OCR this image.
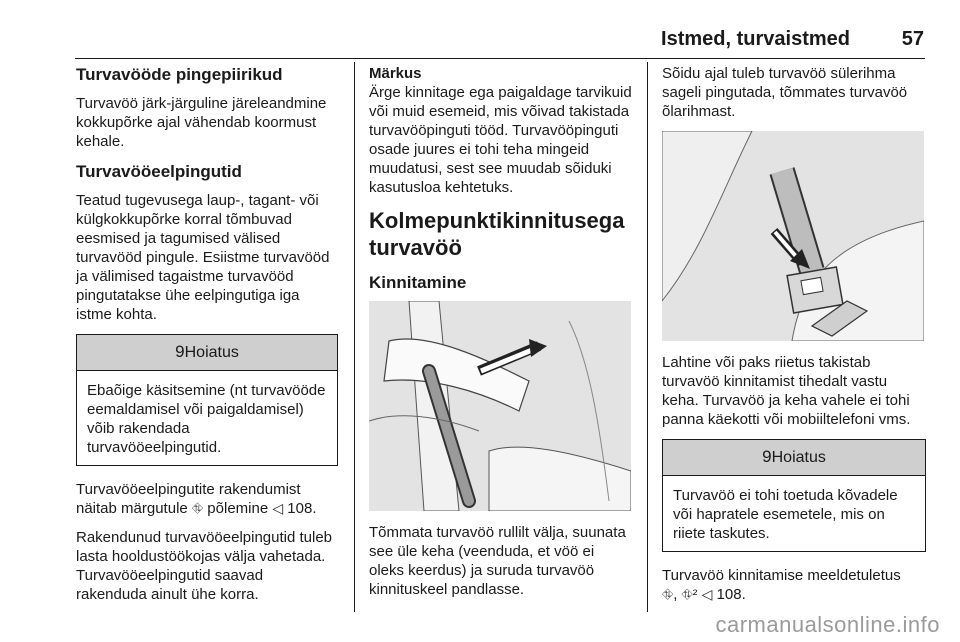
Istmed, turvaistmed	57
Turvavööde pingepiirikud

Turvavöö järk-järguline järeleandmine kokkupõrke ajal vähendab koormust kehale.

Turvavööeelpingutid

Teatud tugevusega laup-, tagant- või külgkokkupõrke korral tõmbuvad eesmised ja tagumised välised turvavööd pingule. Esiistme turvavööd ja välimised tagaistme turvavööd pingutatakse ühe eelpingutiga iga istme kohta.

9Hoiatus
Ebaõige käsitsemine (nt turvavööde eemaldamisel või paigaldamisel) võib rakendada turvavööeelpingutid.

Turvavööeelpingutite rakendumist näitab märgutule ⛗ põlemine ◁ 108.

Rakendunud turvavööeelpingutid tuleb lasta hooldustöökojas välja vahetada. Turvavööeelpingutid saavad rakenduda ainult ühe korra.

Märkus

Ärge kinnitage ega paigaldage tarvikuid või muid esemeid, mis võivad takistada turvavööpinguti tööd. Turvavööpinguti osade juures ei tohi teha mingeid muudatusi, sest see muudab sõiduki kasutusloa kehtetuks.

Kolmepunktikinnitusega turvavöö
Kinnitamine

Tõmmata turvavöö rullilt välja, suunata see üle keha (veenduda, et vöö ei oleks keerdus) ja suruda turvavöö kinnituskeel pandlasse.

Sõidu ajal tuleb turvavöö sülerihma sageli pingutada, tõmmates turvavöö õlarihmast.

Lahtine või paks riietus takistab turvavöö kinnitamist tihedalt vastu keha. Turvavöö ja keha vahele ei tohi panna käekotti või mobiiltelefoni vms.

9Hoiatus
Turvavöö ei tohi toetuda kõvadele või hapratele esemetele, mis on riiete taskutes.

Turvavöö kinnitamise meeldetuletus
⛗, ⛗² ◁ 108.

carmanualsonline.info
